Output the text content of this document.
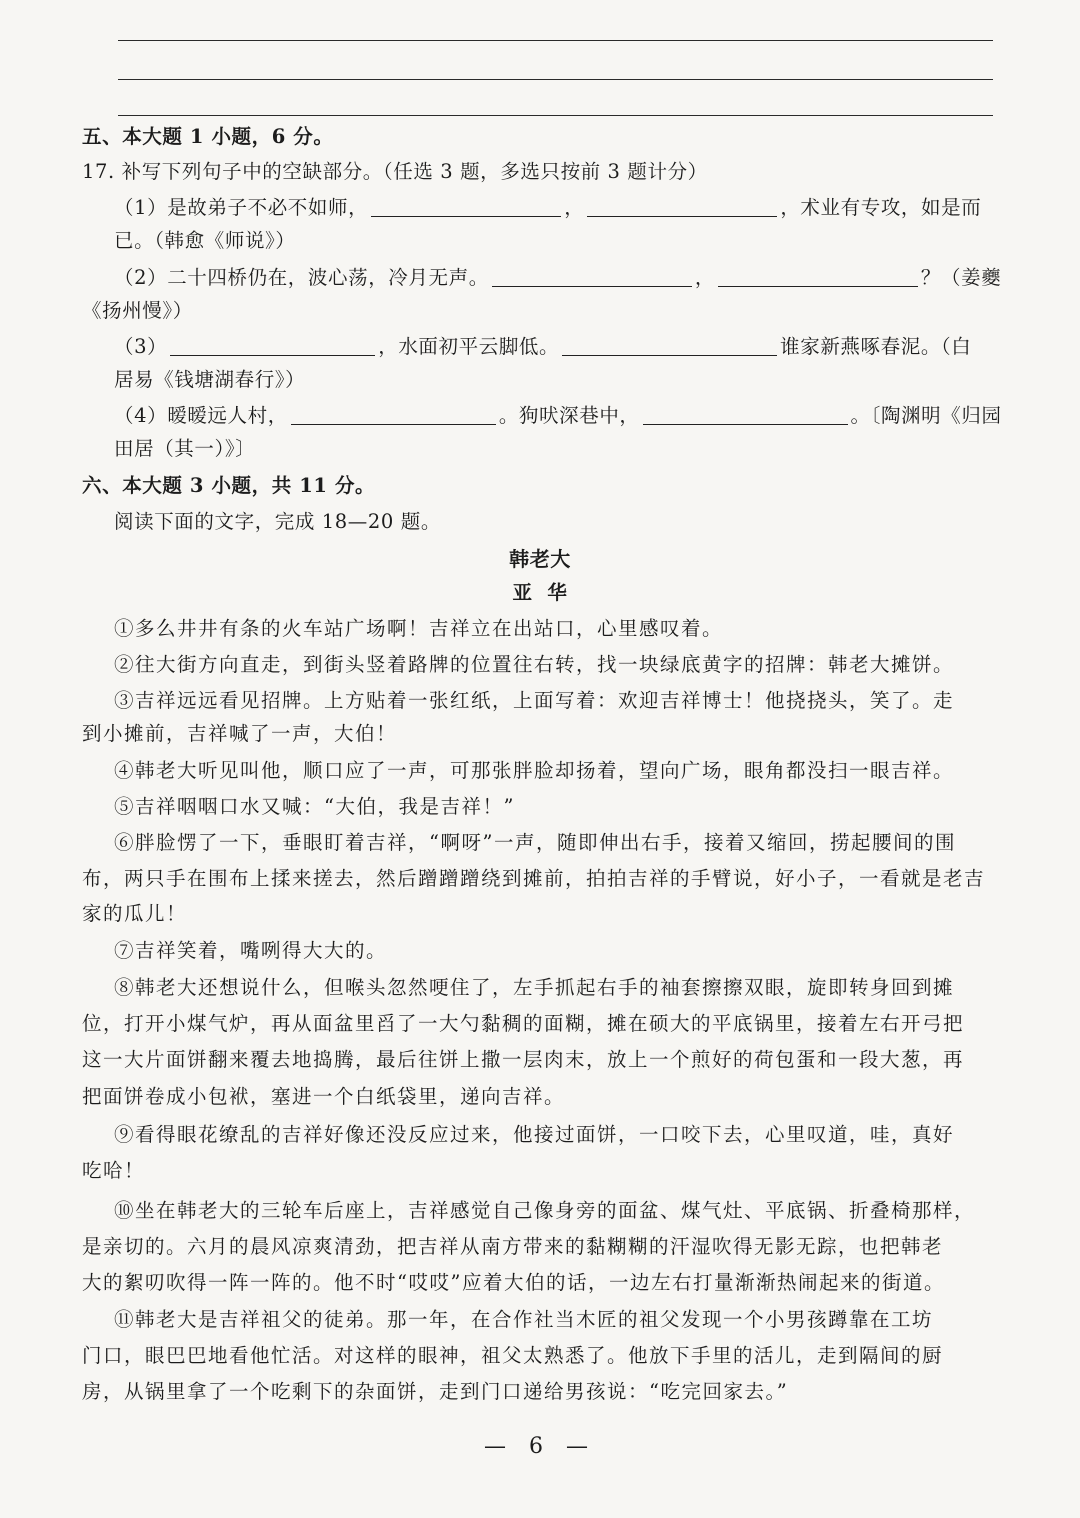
五、本大题 1 小题，6 分。
17. 补写下列句子中的空缺部分。（任选 3 题，多选只按前 3 题计分）
（1）是故弟子不必不如师，	，	，术业有专攻，如是而
已。（韩愈《师说》）
（2）二十四桥仍在，波心荡，冷月无声。	，	？（姜夔
《扬州慢》）
（3）	，水面初平云脚低。	谁家新燕啄春泥。（白
居易《钱塘湖春行》）
（4）暧暧远人村，	。狗吠深巷中，	。〔陶渊明《归园
田居（其一）》〕
六、本大题 3 小题，共 11 分。
阅读下面的文字，完成 18—20 题。
韩老大
亚  华
①多么井井有条的火车站广场啊！吉祥立在出站口，心里感叹着。
②往大街方向直走，到街头竖着路牌的位置往右转，找一块绿底黄字的招牌：韩老大摊饼。
③吉祥远远看见招牌。上方贴着一张红纸，上面写着：欢迎吉祥博士！他挠挠头，笑了。走
到小摊前，吉祥喊了一声，大伯！
④韩老大听见叫他，顺口应了一声，可那张胖脸却扬着，望向广场，眼角都没扫一眼吉祥。
⑤吉祥咽咽口水又喊：“大伯，我是吉祥！”
⑥胖脸愣了一下，垂眼盯着吉祥，“啊呀”一声，随即伸出右手，接着又缩回，捞起腰间的围
布，两只手在围布上揉来搓去，然后蹭蹭蹭绕到摊前，拍拍吉祥的手臂说，好小子，一看就是老吉
家的瓜儿！
⑦吉祥笑着，嘴咧得大大的。
⑧韩老大还想说什么，但喉头忽然哽住了，左手抓起右手的袖套擦擦双眼，旋即转身回到摊
位，打开小煤气炉，再从面盆里舀了一大勺黏稠的面糊，摊在硕大的平底锅里，接着左右开弓把
这一大片面饼翻来覆去地捣腾，最后往饼上撒一层肉末，放上一个煎好的荷包蛋和一段大葱，再
把面饼卷成小包袱，塞进一个白纸袋里，递向吉祥。
⑨看得眼花缭乱的吉祥好像还没反应过来，他接过面饼，一口咬下去，心里叹道，哇，真好
吃哈！
⑩坐在韩老大的三轮车后座上，吉祥感觉自己像身旁的面盆、煤气灶、平底锅、折叠椅那样，
是亲切的。六月的晨风凉爽清劲，把吉祥从南方带来的黏糊糊的汗湿吹得无影无踪，也把韩老
大的絮叨吹得一阵一阵的。他不时“哎哎”应着大伯的话，一边左右打量渐渐热闹起来的街道。
⑪韩老大是吉祥祖父的徒弟。那一年，在合作社当木匠的祖父发现一个小男孩蹲靠在工坊
门口，眼巴巴地看他忙活。对这样的眼神，祖父太熟悉了。他放下手里的活儿，走到隔间的厨
房，从锅里拿了一个吃剩下的杂面饼，走到门口递给男孩说：“吃完回家去。”
— 6 —
